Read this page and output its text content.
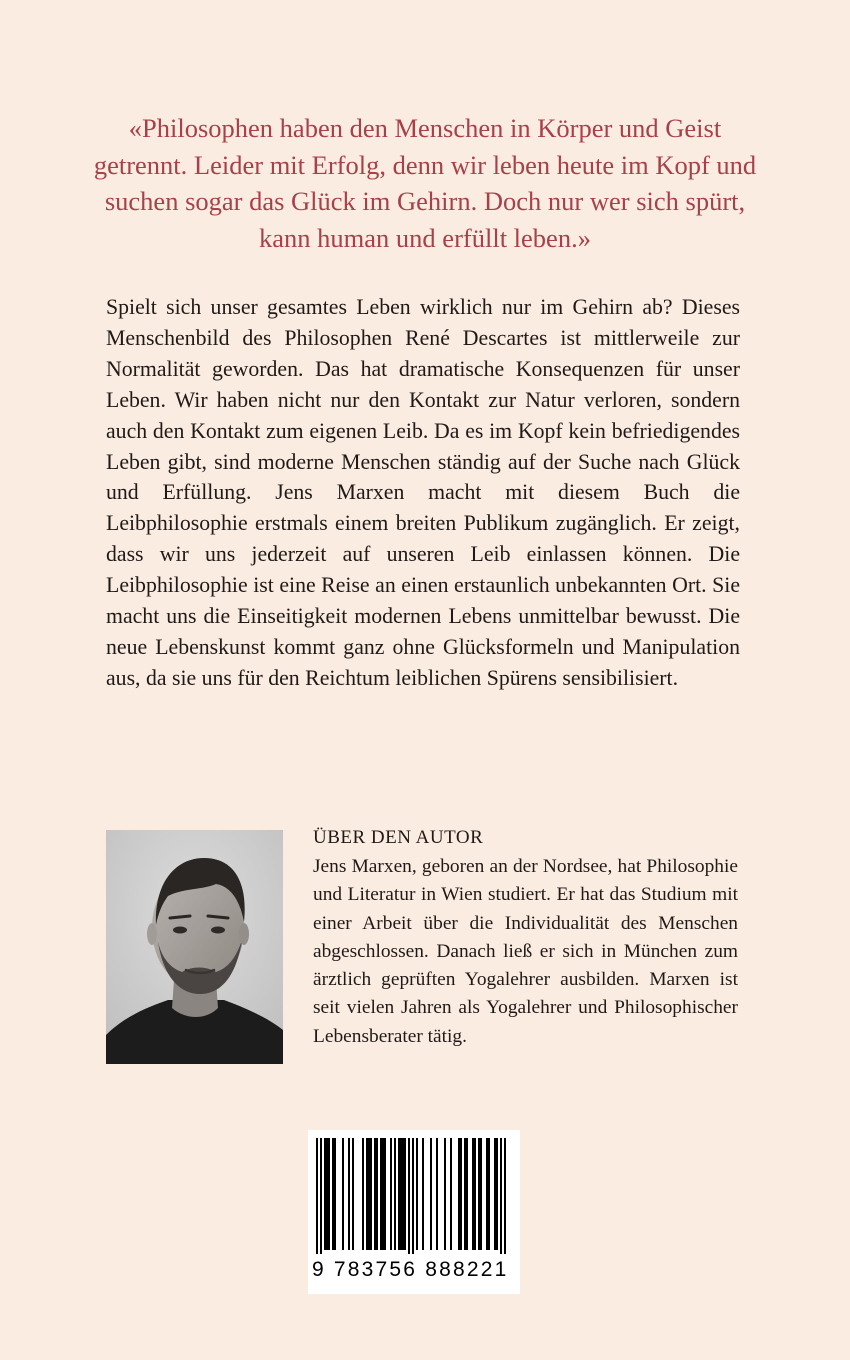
«Philosophen haben den Menschen in Körper und Geist getrennt. Leider mit Erfolg, denn wir leben heute im Kopf und suchen sogar das Glück im Gehirn. Doch nur wer sich spürt, kann human und erfüllt leben.»

Spielt sich unser gesamtes Leben wirklich nur im Gehirn ab? Dieses Menschenbild des Philosophen René Descartes ist mittlerweile zur Normalität geworden. Das hat dramatische Konsequenzen für unser Leben. Wir haben nicht nur den Kontakt zur Natur verloren, sondern auch den Kontakt zum eigenen Leib. Da es im Kopf kein befriedigendes Leben gibt, sind moderne Menschen ständig auf der Suche nach Glück und Erfüllung. Jens Marxen macht mit diesem Buch die Leibphilosophie erstmals einem breiten Publikum zugänglich. Er zeigt, dass wir uns jederzeit auf unseren Leib einlassen können. Die Leibphilosophie ist eine Reise an einen erstaunlich unbekannten Ort. Sie macht uns die Einseitigkeit modernen Lebens unmittelbar bewusst. Die neue Lebenskunst kommt ganz ohne Glücksformeln und Manipulation aus, da sie uns für den Reichtum leiblichen Spürens sensibilisiert.

ÜBER DEN AUTOR

Jens Marxen, geboren an der Nordsee, hat Philosophie und Literatur in Wien studiert. Er hat das Studium mit einer Arbeit über die Individualität des Menschen abgeschlossen. Danach ließ er sich in München zum ärztlich geprüften Yogalehrer ausbilden. Marxen ist seit vielen Jahren als Yogalehrer und Philosophischer Lebensberater tätig.

9 783756 888221
